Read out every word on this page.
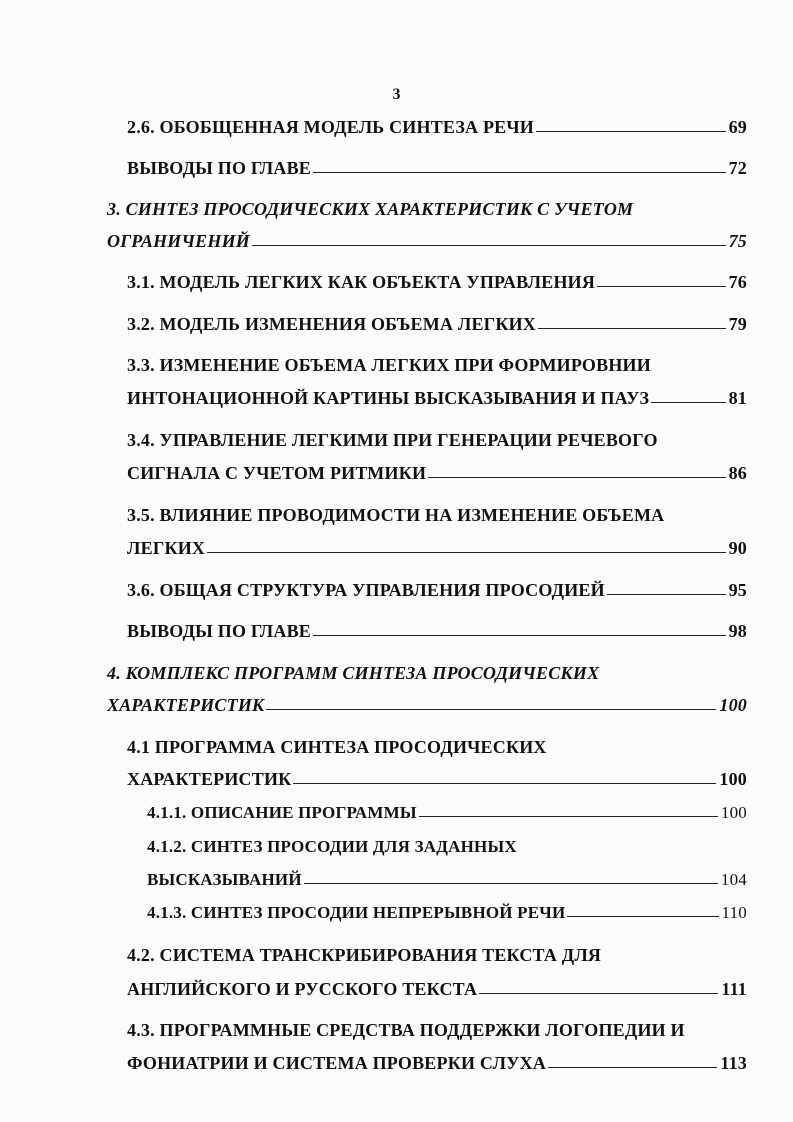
3
2.6. ОБОБЩЕННАЯ МОДЕЛЬ СИНТЕЗА РЕЧИ	69
ВЫВОДЫ ПО ГЛАВЕ	72
3. СИНТЕЗ ПРОСОДИЧЕСКИХ ХАРАКТЕРИСТИК С УЧЕТОМ
ОГРАНИЧЕНИЙ	75
3.1. МОДЕЛЬ ЛЕГКИХ КАК ОБЪЕКТА УПРАВЛЕНИЯ	76
3.2. МОДЕЛЬ ИЗМЕНЕНИЯ ОБЪЕМА ЛЕГКИХ	79
3.3. ИЗМЕНЕНИЕ ОБЪЕМА ЛЕГКИХ ПРИ ФОРМИРОВНИИ
ИНТОНАЦИОННОЙ КАРТИНЫ ВЫСКАЗЫВАНИЯ И ПАУЗ	81
3.4. УПРАВЛЕНИЕ ЛЕГКИМИ ПРИ ГЕНЕРАЦИИ РЕЧЕВОГО
СИГНАЛА С УЧЕТОМ РИТМИКИ	86
3.5. ВЛИЯНИЕ ПРОВОДИМОСТИ НА ИЗМЕНЕНИЕ ОБЪЕМА
ЛЕГКИХ	90
3.6. ОБЩАЯ СТРУКТУРА УПРАВЛЕНИЯ ПРОСОДИЕЙ	95
ВЫВОДЫ ПО ГЛАВЕ	98
4. КОМПЛЕКС ПРОГРАММ СИНТЕЗА ПРОСОДИЧЕСКИХ
ХАРАКТЕРИСТИК	100
4.1 ПРОГРАММА СИНТЕЗА ПРОСОДИЧЕСКИХ
ХАРАКТЕРИСТИК	100
4.1.1. ОПИСАНИЕ ПРОГРАММЫ	100
4.1.2. СИНТЕЗ ПРОСОДИИ ДЛЯ ЗАДАННЫХ
ВЫСКАЗЫВАНИЙ	104
4.1.3. СИНТЕЗ ПРОСОДИИ НЕПРЕРЫВНОЙ РЕЧИ	110
4.2. СИСТЕМА ТРАНСКРИБИРОВАНИЯ ТЕКСТА ДЛЯ
АНГЛИЙСКОГО И РУССКОГО ТЕКСТА	111
4.3. ПРОГРАММНЫЕ СРЕДСТВА ПОДДЕРЖКИ ЛОГОПЕДИИ И
ФОНИАТРИИ И СИСТЕМА ПРОВЕРКИ СЛУХА	113
